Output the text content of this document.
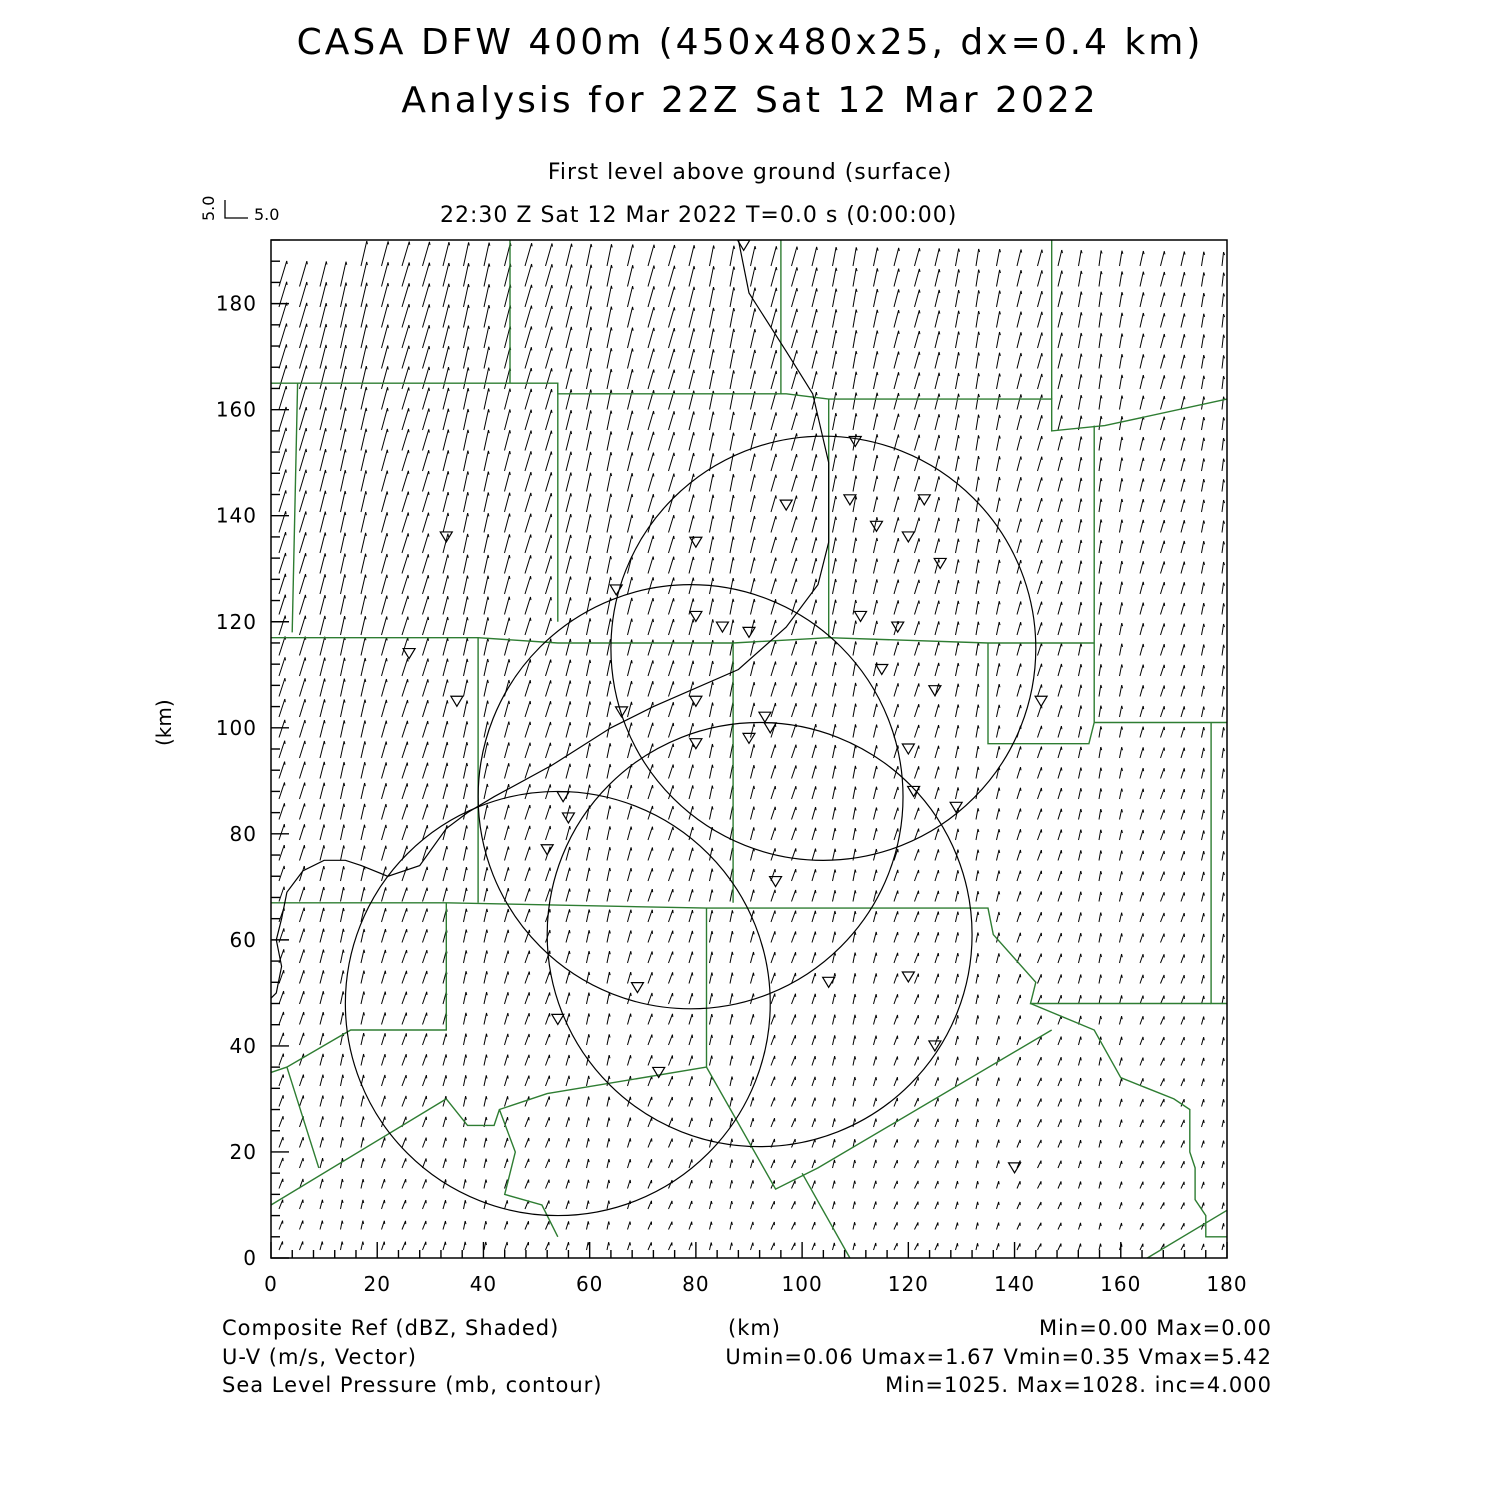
CASA DFW 400m (450x480x25, dx=0.4 km)
Analysis for 22Z Sat 12 Mar 2022
First level above ground (surface)
22:30 Z Sat 12 Mar 2022 T=0.0 s (0:00:00)
(km)
Composite Ref (dBZ, Shaded)
U-V (m/s, Vector)
Sea Level Pressure (mb, contour)
(km)	Min=0.00 Max=0.00
Umin=0.06 Umax=1.67 Vmin=0.35 Vmax=5.42
Min=1025. Max=1028. inc=4.000
0	20	40	60	80	100	120	140	160	180
0
20
40
60
80
100
120
140
160
180
5.0
5.0
